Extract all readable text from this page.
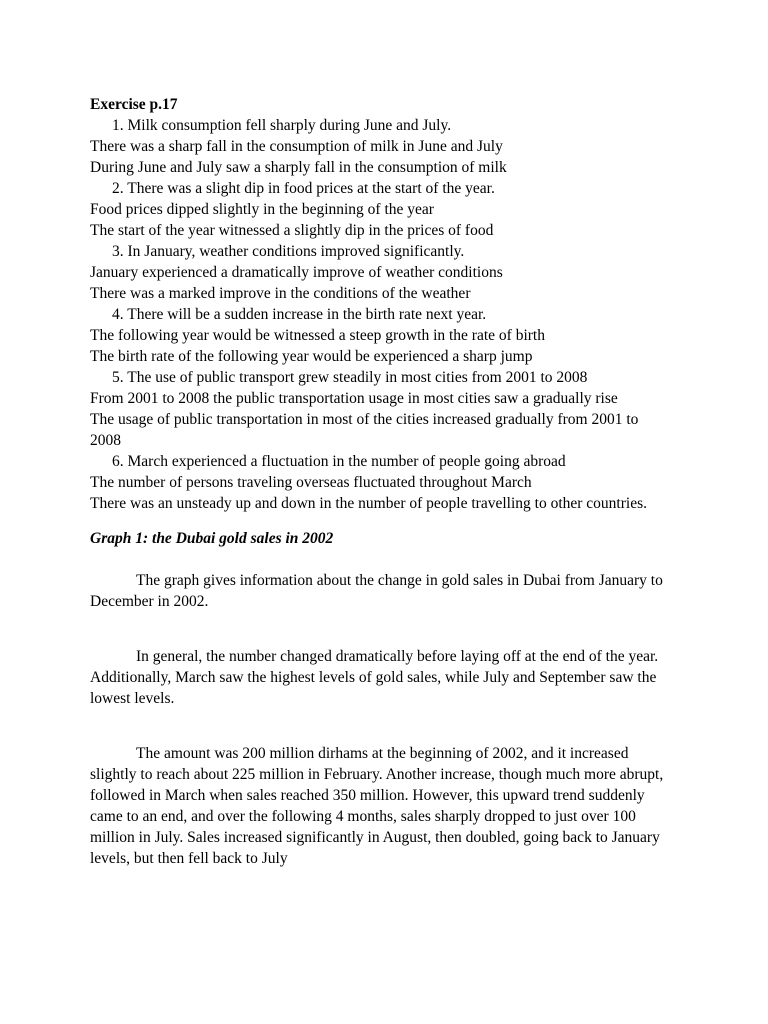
Exercise p.17

1. Milk consumption fell sharply during June and July.

There was a sharp fall in the consumption of milk in June and July

During June and July saw a sharply fall in the consumption of milk

2. There was a slight dip in food prices at the start of the year.

Food prices dipped slightly in the beginning of the year

The start of the year witnessed a slightly dip in the prices of food

3. In January, weather conditions improved significantly.

January experienced a dramatically improve of weather conditions

There was a marked improve in the conditions of the weather

4. There will be a sudden increase in the birth rate next year.

The following year would be witnessed a steep growth in the rate of birth

The birth rate of the following year would be experienced a sharp jump

5. The use of public transport grew steadily in most cities from 2001 to 2008

From 2001 to 2008 the public transportation usage in most cities saw a gradually rise

The usage of public transportation in most of the cities increased gradually from 2001 to 2008

6. March experienced a fluctuation in the number of people going abroad

The number of persons traveling overseas fluctuated throughout March

There was an unsteady up and down in the number of people travelling to other countries.

Graph 1: the Dubai gold sales in 2002

The graph gives information about the change in gold sales in Dubai from January to December in 2002.

In general, the number changed dramatically before laying off at the end of the year. Additionally, March saw the highest levels of gold sales, while July and September saw the lowest levels.

The amount was 200 million dirhams at the beginning of 2002, and it increased slightly to reach about 225 million in February. Another increase, though much more abrupt, followed in March when sales reached 350 million. However, this upward trend suddenly came to an end, and over the following 4 months, sales sharply dropped to just over 100 million in July. Sales increased significantly in August, then doubled, going back to January levels, but then fell back to July
